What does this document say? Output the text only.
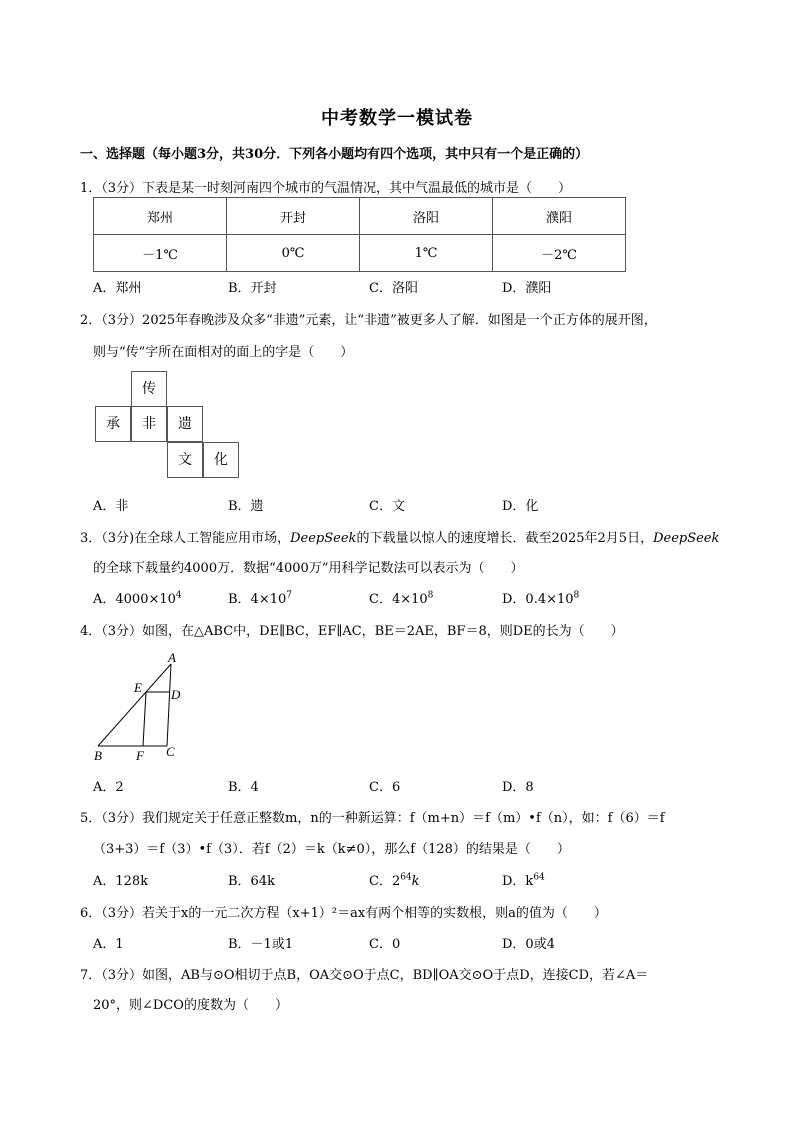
中考数学一模试卷
一、选择题（每小题3分，共30分．下列各小题均有四个选项，其中只有一个是正确的）
1．（3分）下表是某一时刻河南四个城市的气温情况，其中气温最低的城市是（　　）
郑州	开封	洛阳	濮阳
－1℃	0℃	1℃	－2℃
A．郑州	B．开封	C．洛阳	D．濮阳
2．（3分）2025年春晚涉及众多“非遗”元素，让“非遗”被更多人了解．如图是一个正方体的展开图，
则与“传”字所在面相对的面上的字是（　　）
传
承	非	遗
文	化
A．非	B．遗	C．文	D．化
3．（3分)在全球人工智能应用市场，DeepSeek的下载量以惊人的速度增长．截至2025年2月5日，DeepSeek
的全球下载量约4000万．数据“4000万”用科学记数法可以表示为（　　）
A．$4000\times 10^4$	B．$4\times 10^7$	C．$4\times 10^8$	D．$0.4\times 10^8$
4．（3分）如图，在△ABC中，DE∥BC，EF∥AC，BE＝2AE，BF＝8，则DE的长为（　　）
A
E D
B	F C
A．2	B．4	C．6	D．8
5．（3分）我们规定关于任意正整数m，n的一种新运算：f（m+n）＝f（m）•f（n），如：f（6）＝f
（3+3）＝f（3）•f（3）．若f（2）＝k（k≠0），那么f（128）的结果是（　　）
A．128k	B．64k	C．$2^{64}k$	D．$k^{64}$
6．（3分）若关于x的一元二次方程（x+1）²＝ax有两个相等的实数根，则a的值为（　　）
A．1	B．－1或1	C．0	D．0或4
7．（3分）如图，AB与⊙O相切于点B，OA交⊙O于点C，BD∥OA交⊙O于点D，连接CD，若∠A＝
20°，则∠DCO的度数为（　　）
